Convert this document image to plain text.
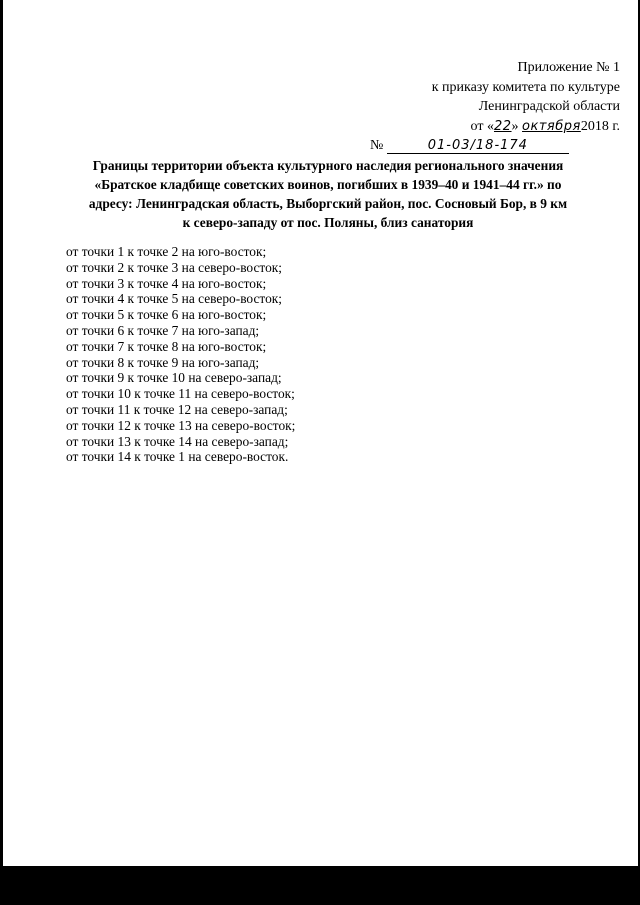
Приложение № 1
к приказу комитета по культуре
Ленинградской области
от «22» октября2018 г.
№	01-03/18-174
Границы территории объекта культурного наследия регионального значения
«Братское кладбище советских воинов, погибших в 1939–40 и 1941–44 гг.» по
адресу: Ленинградская область, Выборгский район, пос. Сосновый Бор, в 9 км
к северо-западу от пос. Поляны, близ санатория
от точки 1 к точке 2 на юго-восток;
от точки 2 к точке 3 на северо-восток;
от точки 3 к точке 4 на юго-восток;
от точки 4 к точке 5 на северо-восток;
от точки 5 к точке 6 на юго-восток;
от точки 6 к точке 7 на юго-запад;
от точки 7 к точке 8 на юго-восток;
от точки 8 к точке 9 на юго-запад;
от точки 9 к точке 10 на северо-запад;
от точки 10 к точке 11 на северо-восток;
от точки 11 к точке 12 на северо-запад;
от точки 12 к точке 13 на северо-восток;
от точки 13 к точке 14 на северо-запад;
от точки 14 к точке 1 на северо-восток.
